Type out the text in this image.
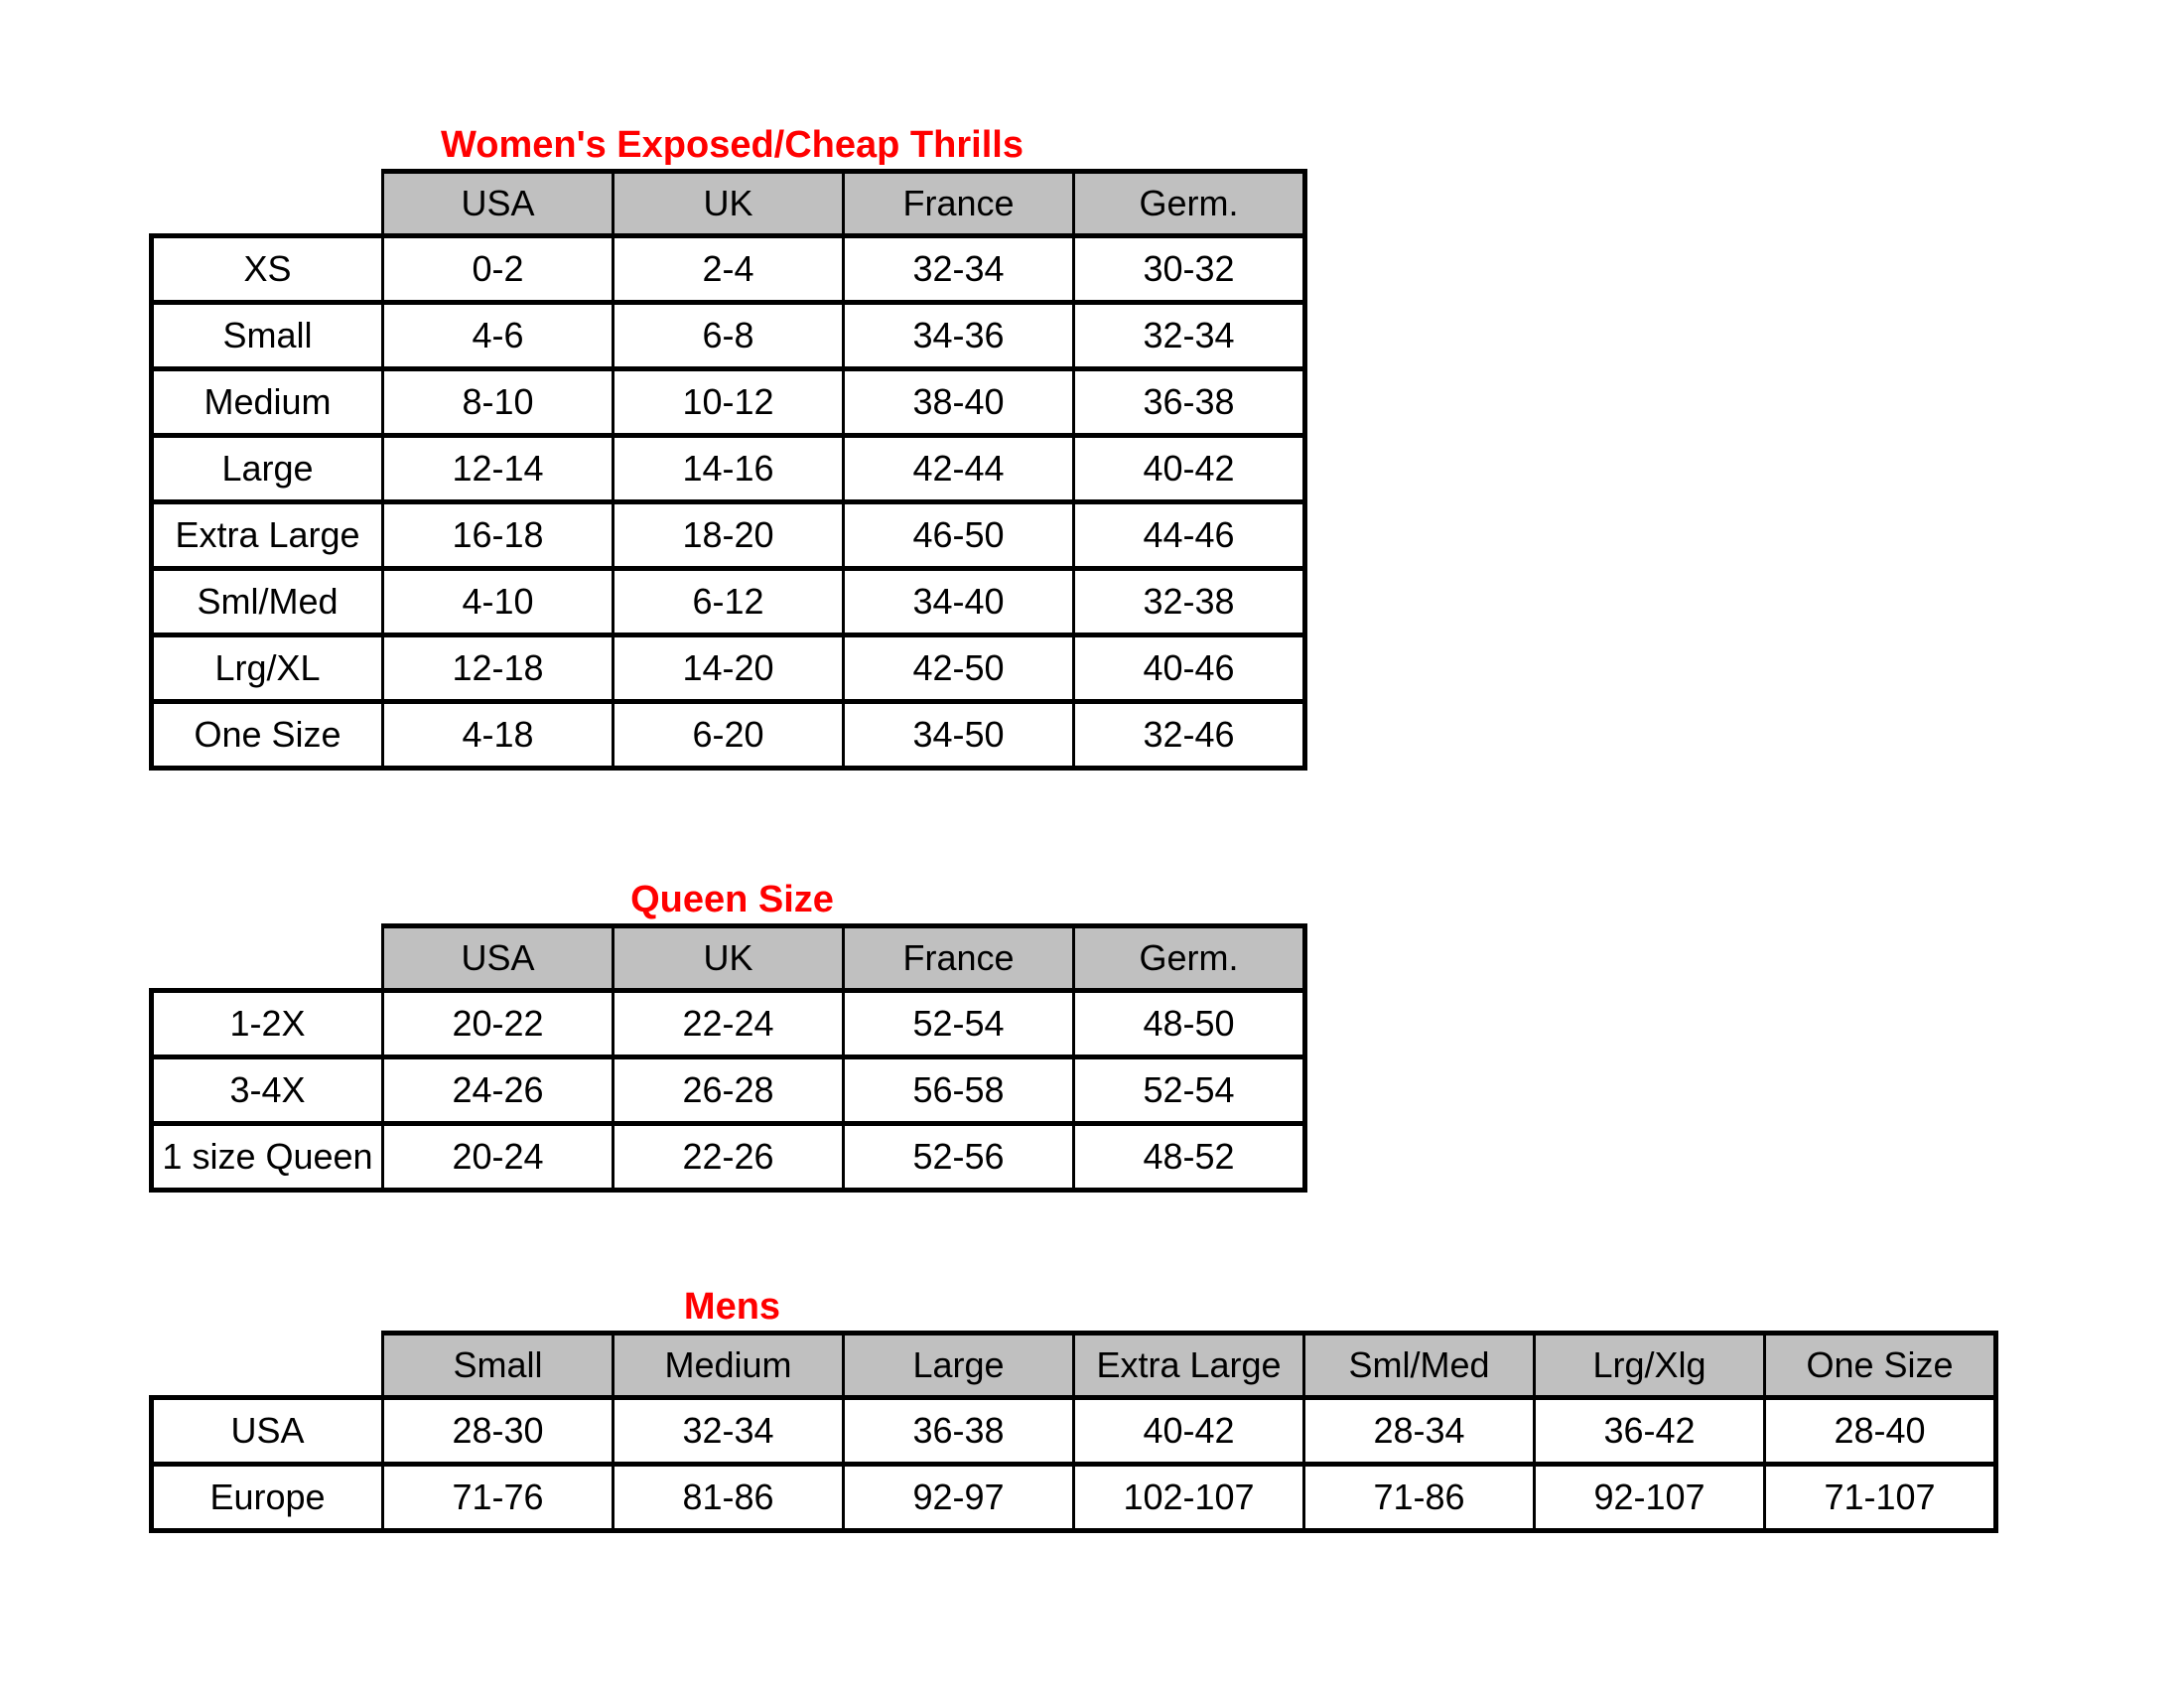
Women's Exposed/Cheap Thrills
	USA	UK	France	Germ.
XS	0-2	2-4	32-34	30-32
Small	4-6	6-8	34-36	32-34
Medium	8-10	10-12	38-40	36-38
Large	12-14	14-16	42-44	40-42
Extra Large	16-18	18-20	46-50	44-46
Sml/Med	4-10	6-12	34-40	32-38
Lrg/XL	12-18	14-20	42-50	40-46
One Size	4-18	6-20	34-50	32-46
Queen Size
	USA	UK	France	Germ.
1-2X	20-22	22-24	52-54	48-50
3-4X	24-26	26-28	56-58	52-54
1 size Queen	20-24	22-26	52-56	48-52
Mens
	Small	Medium	Large	Extra Large	Sml/Med	Lrg/Xlg	One Size
USA	28-30	32-34	36-38	40-42	28-34	36-42	28-40
Europe	71-76	81-86	92-97	102-107	71-86	92-107	71-107
